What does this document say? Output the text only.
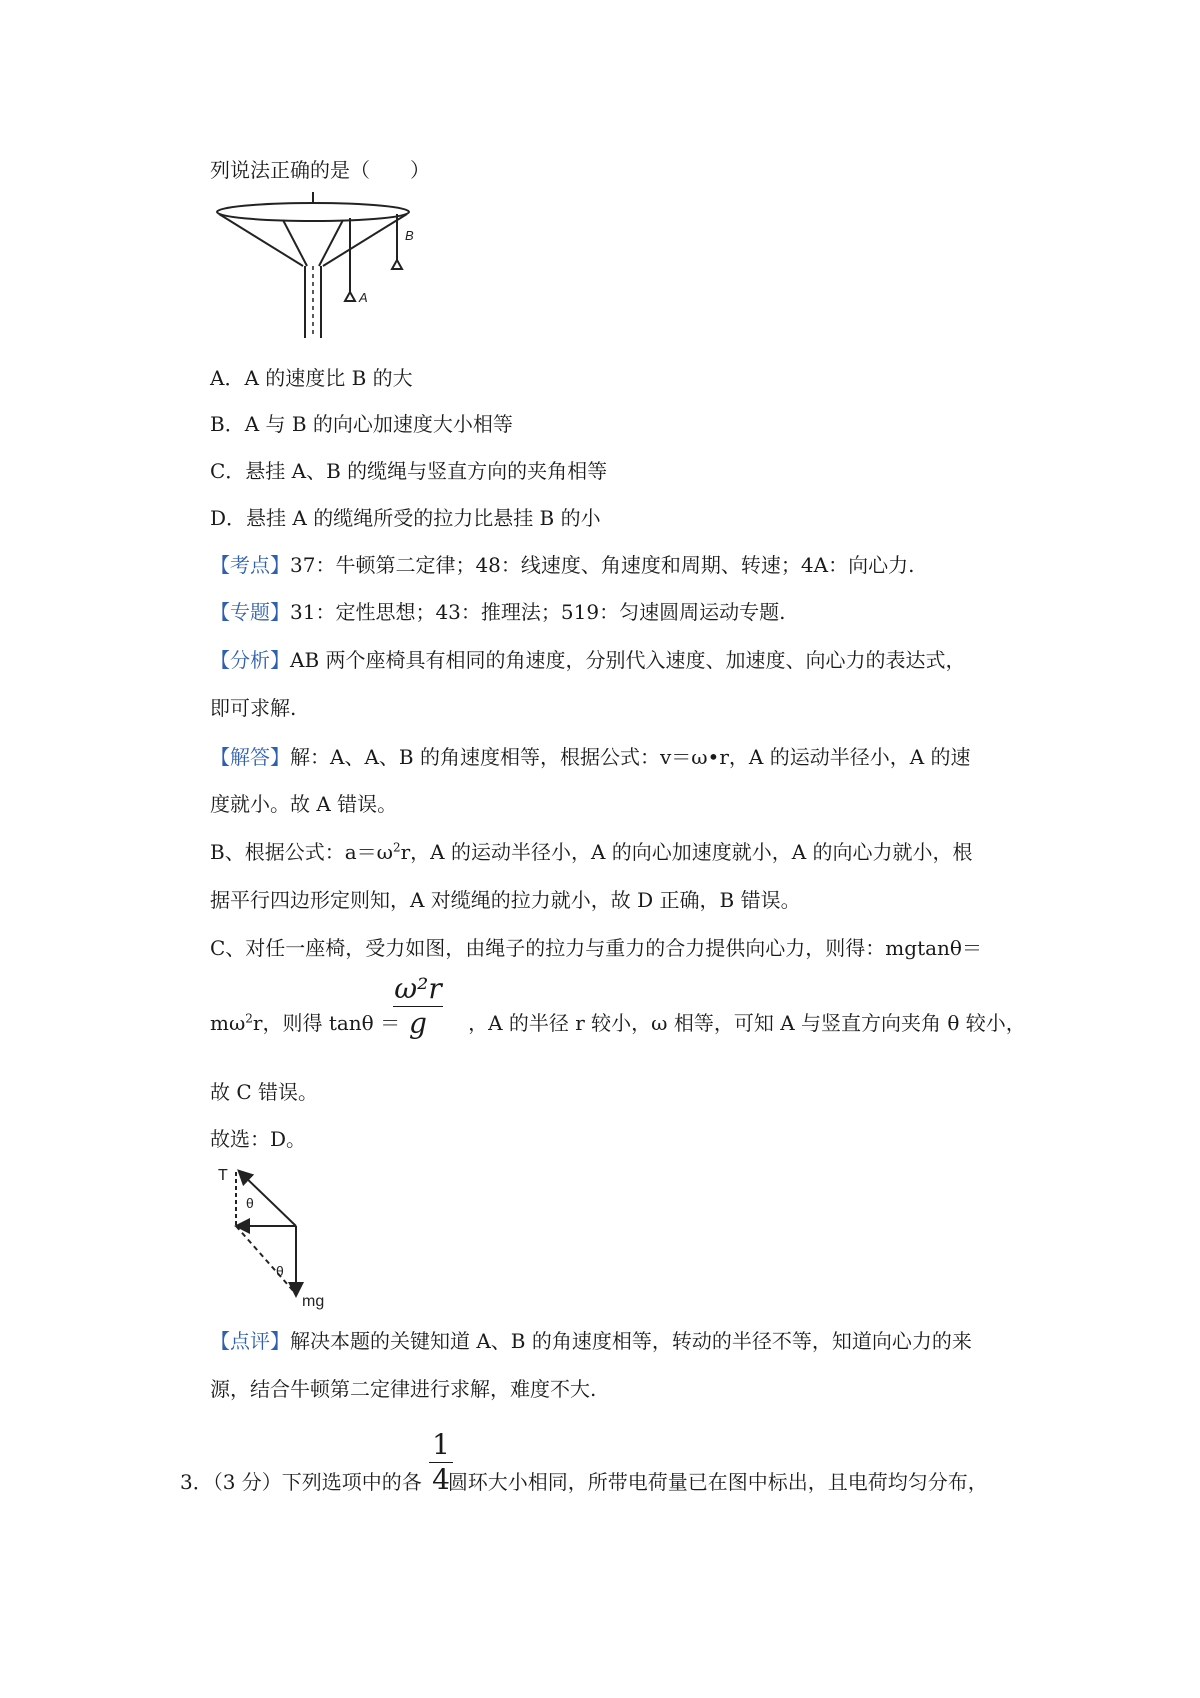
列说法正确的是（　　）
A
B
A．A 的速度比 B 的大
B．A 与 B 的向心加速度大小相等
C．悬挂 A、B 的缆绳与竖直方向的夹角相等
D．悬挂 A 的缆绳所受的拉力比悬挂 B 的小
【考点】37：牛顿第二定律；48：线速度、角速度和周期、转速；4A：向心力.
【专题】31：定性思想；43：推理法；519：匀速圆周运动专题.
【分析】AB 两个座椅具有相同的角速度，分别代入速度、加速度、向心力的表达式，
即可求解.
【解答】解：A、A、B 的角速度相等，根据公式：v＝ω•r，A 的运动半径小，A 的速
度就小。故 A 错误。
B、根据公式：$a=\omega^2r$，A 的运动半径小，A 的向心加速度就小，A 的向心力就小，根
据平行四边形定则知，A 对缆绳的拉力就小，故 D 正确，B 错误。
C、对任一座椅，受力如图，由绳子的拉力与重力的合力提供向心力，则得：mgtanθ＝
$m\omega^2r$，则得 tanθ ＝	，A 的半径 r 较小，ω 相等，可知 A 与竖直方向夹角 θ 较小，
ω²r
g
故 C 错误。
故选：D。
T
θ
θ
mg
【点评】解决本题的关键知道 A、B 的角速度相等，转动的半径不等，知道向心力的来
源，结合牛顿第二定律进行求解，难度不大.
3．（3 分）下列选项中的各 圆环大小相同，所带电荷量已在图中标出，且电荷均匀分布，
1
4
